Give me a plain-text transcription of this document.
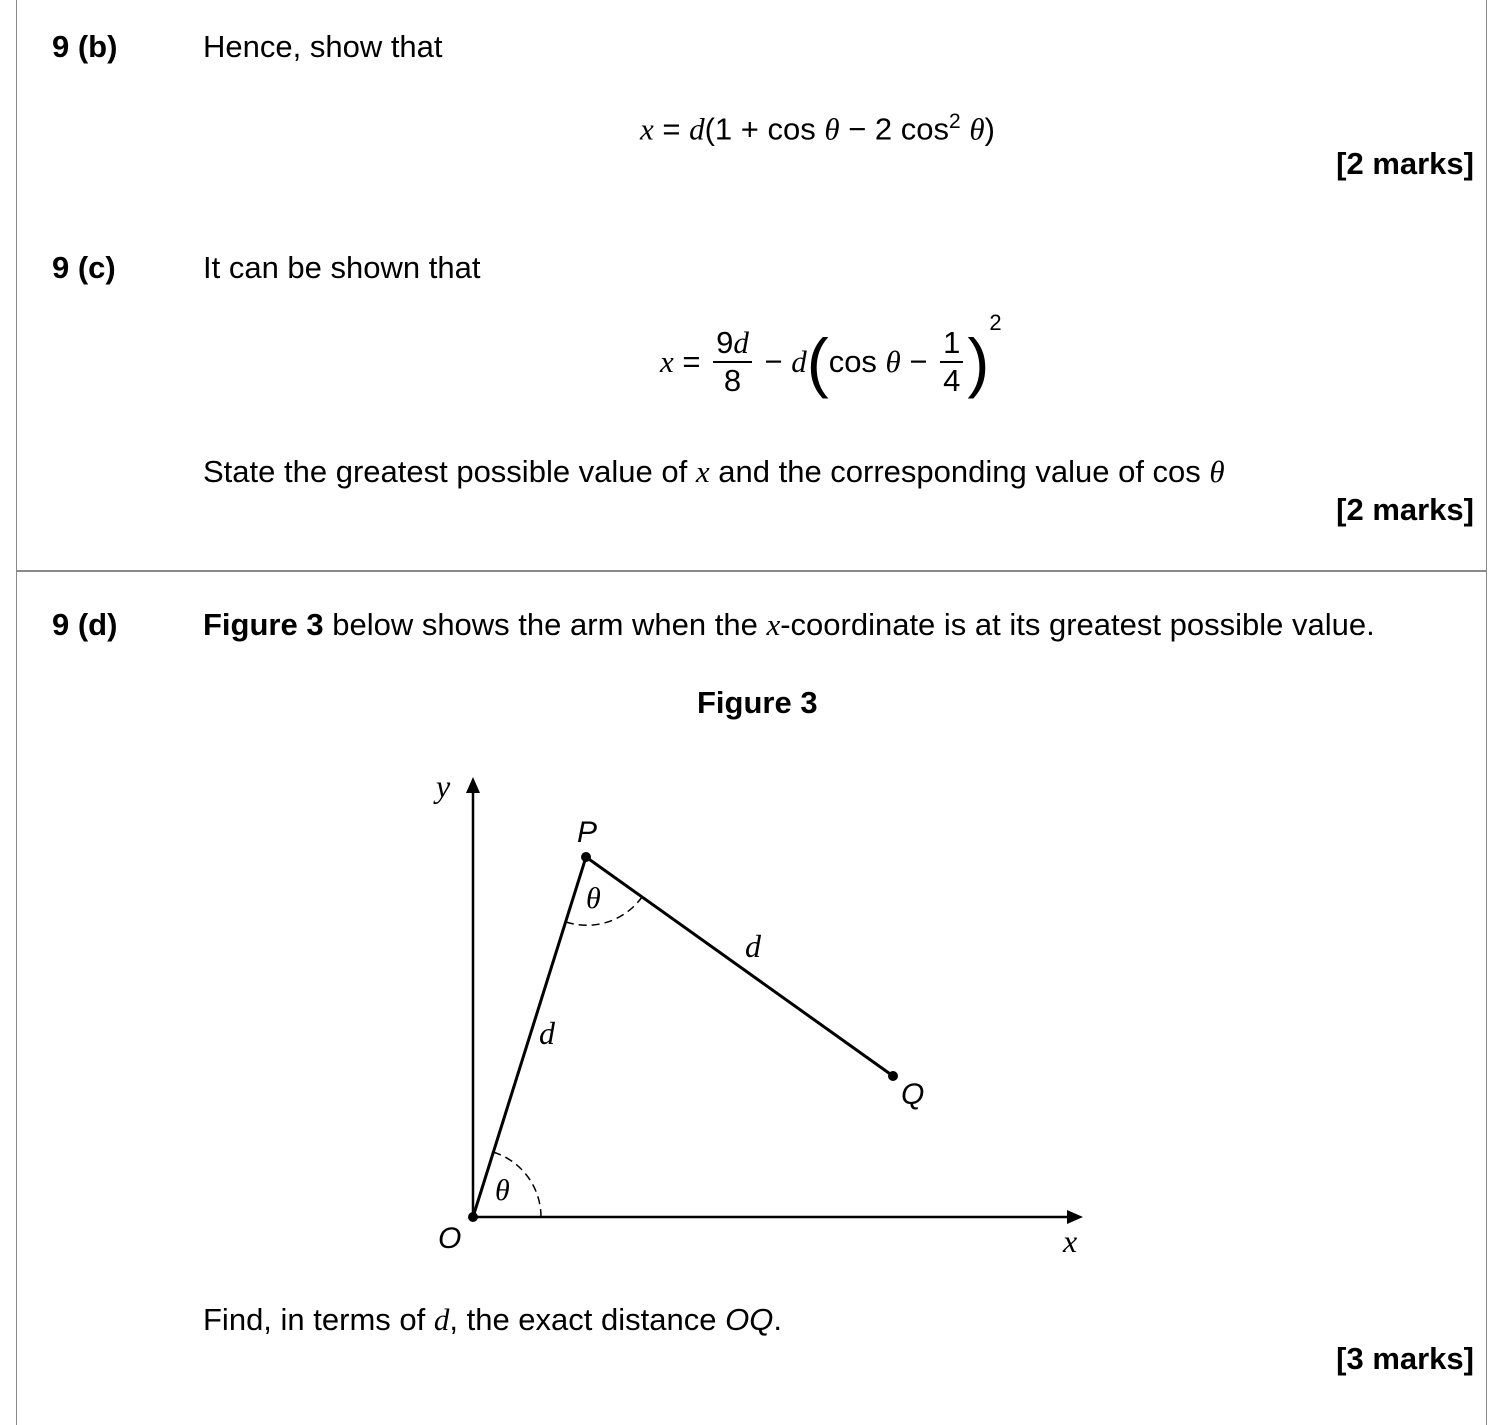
9 (b)	Hence, show that
x = d(1 + cos θ − 2 $\cos^2 \theta$)
[2 marks]
9 (c)	It can be shown that
$x = \frac{9d}{8} - d(\cos$ $\theta - \frac{1}{4} )^2$
State the greatest possible value of x and the corresponding value of cos θ
[2 marks]
9 (d)	Figure 3 below shows the arm when the x-coordinate is at its greatest possible value.
Figure 3
y
x
O
P
Q
θ
θ
d
d
Find, in terms of d, the exact distance OQ.
[3 marks]
